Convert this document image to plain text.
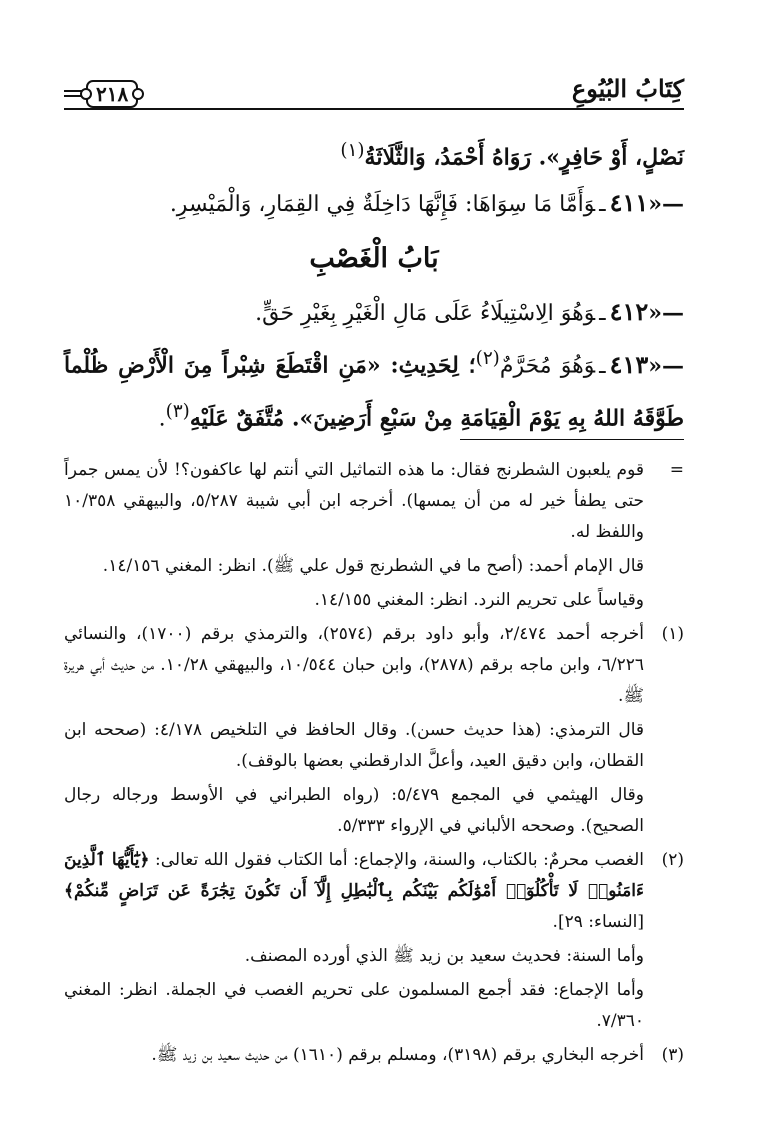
كِتَابُ البُيُوعِ
٢١٨

نَصْلٍ، أَوْ حَافِرٍ». رَوَاهُ أَحْمَدُ، وَالثَّلَاثَةُ$^{(١)}$

—«٤١١ـوَأَمَّا مَا سِوَاهَا: فَإِنَّهَا دَاخِلَةٌ فِي القِمَارِ، وَالْمَيْسِرِ.

بَابُ الْغَصْبِ

—«٤١٢ـوَهُوَ الِاسْتِيلَاءُ عَلَى مَالِ الْغَيْرِ بِغَيْرِ حَقٍّ.

—«٤١٣ـوَهُوَ مُحَرَّمٌ$^{(٢)}$؛ لِحَدِيثِ: «مَنِ اقْتَطَعَ شِبْراً مِنَ الْأَرْضِ ظُلْماً طَوَّقَهُ اللهُ بِهِ يَوْمَ الْقِيَامَةِ مِنْ سَبْعِ أَرَضِينَ». مُتَّفَقٌ عَلَيْهِ$^{(٣)}$.

=

قوم يلعبون الشطرنج فقال: ما هذه التماثيل التي أنتم لها عاكفون؟! لأن يمس جمراً حتى يطفأ خير له من أن يمسها). أخرجه ابن أبي شيبة ٥/٢٨٧، والبيهقي ١٠/٣٥٨ واللفظ له.

قال الإمام أحمد: (أصح ما في الشطرنج قول علي ﷺ). انظر: المغني ١٤/١٥٦.

وقياساً على تحريم النرد. انظر: المغني ١٤/١٥٥.

(١)

أخرجه أحمد ٢/٤٧٤، وأبو داود برقم (٢٥٧٤)، والترمذي برقم (١٧٠٠)، والنسائي ٦/٢٢٦، وابن ماجه برقم (٢٨٧٨)، وابن حبان ١٠/٥٤٤، والبيهقي ١٠/٢٨. من حديث أبي هريرة ﷺ.

قال الترمذي: (هذا حديث حسن). وقال الحافظ في التلخيص ٤/١٧٨: (صححه ابن القطان، وابن دقيق العيد، وأعلَّ الدارقطني بعضها بالوقف).

وقال الهيثمي في المجمع ٥/٤٧٩: (رواه الطبراني في الأوسط ورجاله رجال الصحيح). وصححه الألباني في الإرواء ٥/٣٣٣.

(٢)

الغصب محرمٌ: بالكتاب، والسنة، والإجماع: أما الكتاب فقول الله تعالى: ﴿يَٰٓأَيُّهَا ٱلَّذِينَ ءَامَنُوا۟ لَا تَأْكُلُوٓا۟ أَمْوَٰلَكُم بَيْنَكُم بِٱلْبَٰطِلِ إِلَّآ أَن تَكُونَ تِجَٰرَةً عَن تَرَاضٍ مِّنكُمْ﴾ [النساء: ٢٩].

وأما السنة: فحديث سعيد بن زيد ﷺ الذي أورده المصنف.

وأما الإجماع: فقد أجمع المسلمون على تحريم الغصب في الجملة. انظر: المغني ٧/٣٦٠.

(٣)

أخرجه البخاري برقم (٣١٩٨)، ومسلم برقم (١٦١٠) من حديث سعيد بن زيد ﷺ.
